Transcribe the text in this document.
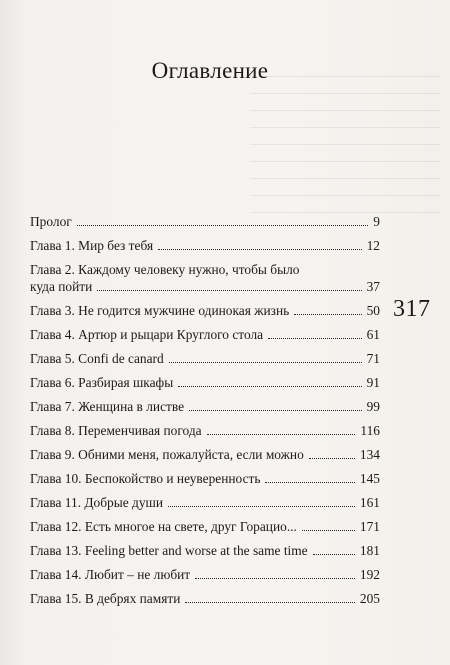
Оглавление
Пролог	9
Глава 1. Мир без тебя	12
Глава 2. Каждому человеку нужно, чтобы было
куда пойти	37
Глава 3. Не годится мужчине одинокая жизнь	50
Глава 4. Артюр и рыцари Круглого стола	61
Глава 5. Confi de canard	71
Глава 6. Разбирая шкафы	91
Глава 7. Женщина в листве	99
Глава 8. Переменчивая погода	116
Глава 9. Обними меня, пожалуйста, если можно	134
Глава 10. Беспокойство и неуверенность	145
Глава 11. Добрые души	161
Глава 12. Есть многое на свете, друг Горацио...	171
Глава 13. Feeling better and worse at the same time	181
Глава 14. Любит – не любит	192
Глава 15. В дебрях памяти	205
317
